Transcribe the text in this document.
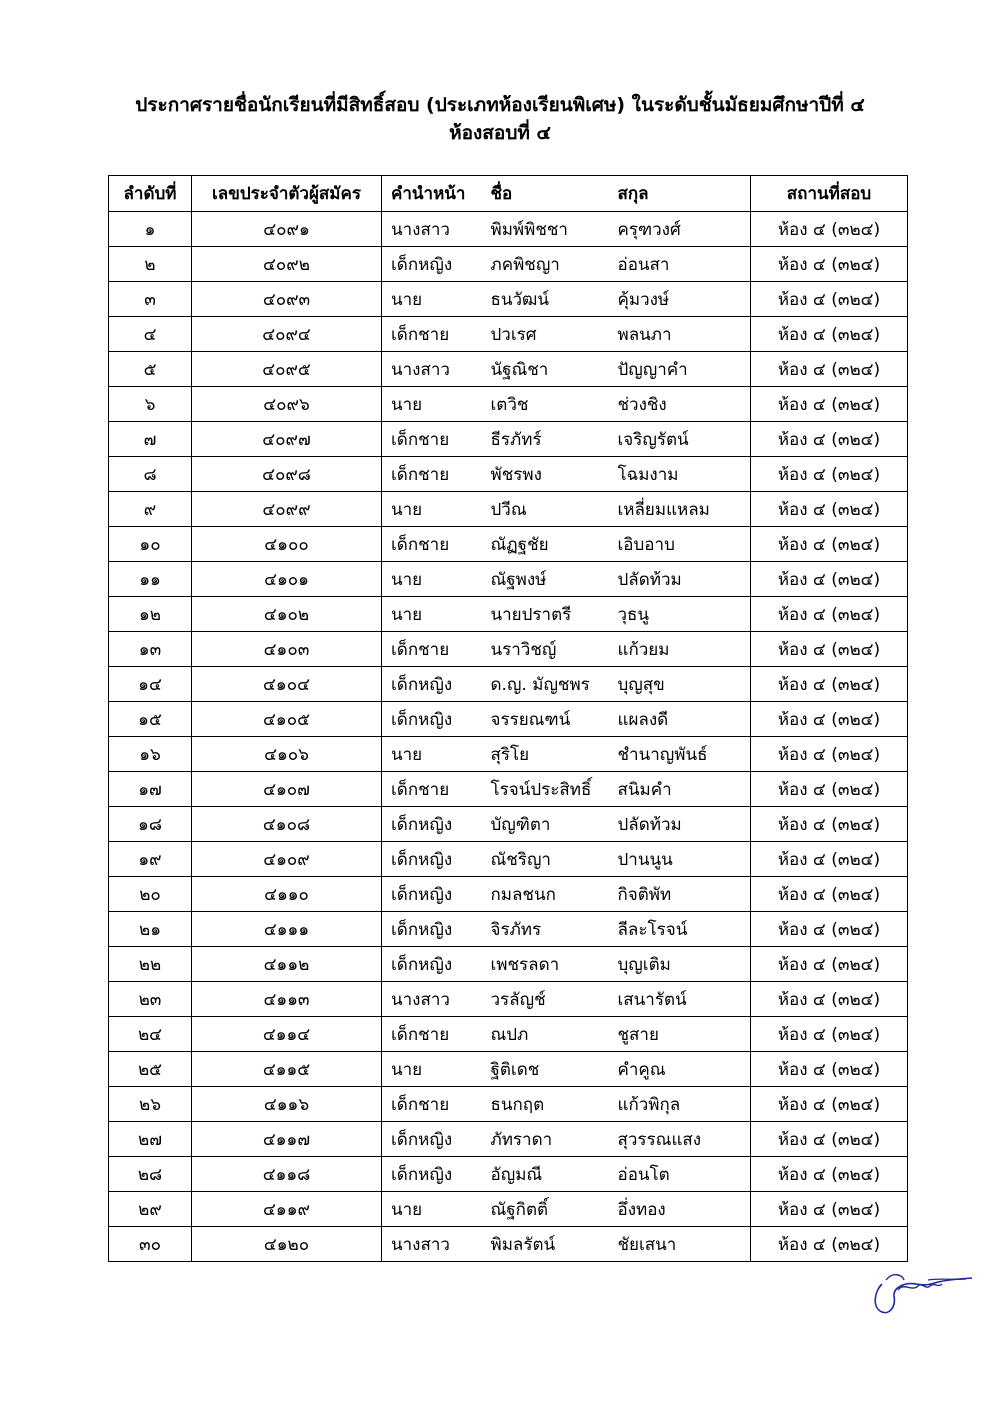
ประกาศรายชื่อนักเรียนที่มีสิทธิ์สอบ (ประเภทห้องเรียนพิเศษ) ในระดับชั้นมัธยมศึกษาปีที่ ๔
ห้องสอบที่ ๔
ลำดับที่	เลขประจำตัวผู้สมัคร	คำนำหน้า	ชื่อ	สกุล	สถานที่สอบ
๑	๔๐๙๑	นางสาว	พิมพ์พิชชา	ครุฑวงศ์	ห้อง ๔ (๓๒๔)
๒	๔๐๙๒	เด็กหญิง	ภคพิชญา	อ่อนสา	ห้อง ๔ (๓๒๔)
๓	๔๐๙๓	นาย	ธนวัฒน์	คุ้มวงษ์	ห้อง ๔ (๓๒๔)
๔	๔๐๙๔	เด็กชาย	ปวเรศ	พลนภา	ห้อง ๔ (๓๒๔)
๕	๔๐๙๕	นางสาว	นัฐณิชา	ปัญญาคำ	ห้อง ๔ (๓๒๔)
๖	๔๐๙๖	นาย	เตวิช	ช่วงชิง	ห้อง ๔ (๓๒๔)
๗	๔๐๙๗	เด็กชาย	ธีรภัทร์	เจริญรัตน์	ห้อง ๔ (๓๒๔)
๘	๔๐๙๘	เด็กชาย	พัชรพง	โฉมงาม	ห้อง ๔ (๓๒๔)
๙	๔๐๙๙	นาย	ปวีณ	เหลี่ยมแหลม	ห้อง ๔ (๓๒๔)
๑๐	๔๑๐๐	เด็กชาย	ณัฏฐชัย	เอิบอาบ	ห้อง ๔ (๓๒๔)
๑๑	๔๑๐๑	นาย	ณัฐพงษ์	ปลัดท้วม	ห้อง ๔ (๓๒๔)
๑๒	๔๑๐๒	นาย	นายปราตรี	วุธนู	ห้อง ๔ (๓๒๔)
๑๓	๔๑๐๓	เด็กชาย	นราวิชญ์	แก้วยม	ห้อง ๔ (๓๒๔)
๑๔	๔๑๐๔	เด็กหญิง	ด.ญ. มัญชพร	บุญสุข	ห้อง ๔ (๓๒๔)
๑๕	๔๑๐๕	เด็กหญิง	จรรยณฑน์	แผลงดี	ห้อง ๔ (๓๒๔)
๑๖	๔๑๐๖	นาย	สุริโย	ชำนาญพันธ์	ห้อง ๔ (๓๒๔)
๑๗	๔๑๐๗	เด็กชาย	โรจน์ประสิทธิ์	สนิมคำ	ห้อง ๔ (๓๒๔)
๑๘	๔๑๐๘	เด็กหญิง	บัญฑิตา	ปลัดท้วม	ห้อง ๔ (๓๒๔)
๑๙	๔๑๐๙	เด็กหญิง	ณัชริญา	ปานนูน	ห้อง ๔ (๓๒๔)
๒๐	๔๑๑๐	เด็กหญิง	กมลชนก	กิจติพัท	ห้อง ๔ (๓๒๔)
๒๑	๔๑๑๑	เด็กหญิง	จิรภัทร	ลีละโรจน์	ห้อง ๔ (๓๒๔)
๒๒	๔๑๑๒	เด็กหญิง	เพชรลดา	บุญเติม	ห้อง ๔ (๓๒๔)
๒๓	๔๑๑๓	นางสาว	วรลัญช์	เสนารัตน์	ห้อง ๔ (๓๒๔)
๒๔	๔๑๑๔	เด็กชาย	ณปภ	ชูสาย	ห้อง ๔ (๓๒๔)
๒๕	๔๑๑๕	นาย	ฐิติเดช	คำคูณ	ห้อง ๔ (๓๒๔)
๒๖	๔๑๑๖	เด็กชาย	ธนกฤต	แก้วพิกุล	ห้อง ๔ (๓๒๔)
๒๗	๔๑๑๗	เด็กหญิง	ภัทราดา	สุวรรณแสง	ห้อง ๔ (๓๒๔)
๒๘	๔๑๑๘	เด็กหญิง	อัญมณี	อ่อนโต	ห้อง ๔ (๓๒๔)
๒๙	๔๑๑๙	นาย	ณัฐกิตติ์	อึ่งทอง	ห้อง ๔ (๓๒๔)
๓๐	๔๑๒๐	นางสาว	พิมลรัตน์	ชัยเสนา	ห้อง ๔ (๓๒๔)
